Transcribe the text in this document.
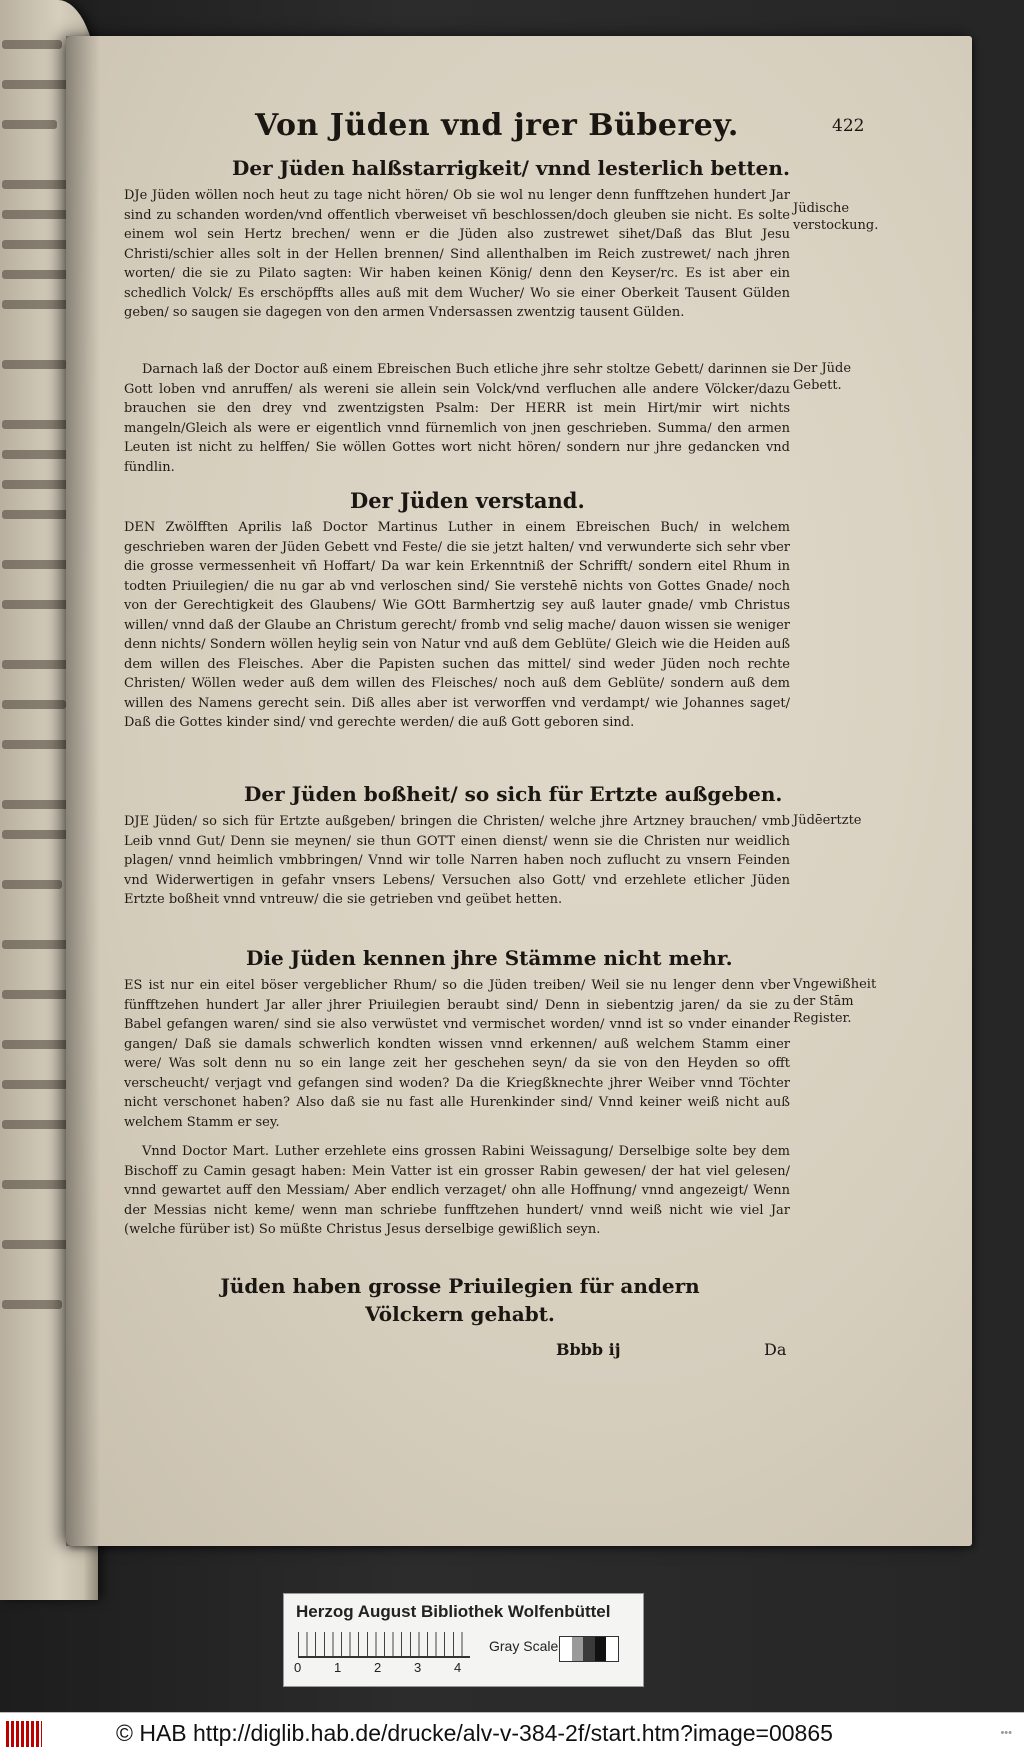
Von Jüden vnd jrer Büberey.	422
Der Jüden halßstarrigkeit/ vnnd lesterlich betten.
DJe Jüden wöllen noch heut zu tage nicht hören/ Ob sie wol nu lenger denn funfftzehen hundert Jar sind zu schanden worden/vnd offentlich vberweiset vñ beschlossen/doch gleuben sie nicht. Es solte einem wol sein Hertz brechen/ wenn er die Jüden also zustrewet sihet/Daß das Blut Jesu Christi/schier alles solt in der Hellen brennen/ Sind allenthalben im Reich zustrewet/ nach jhren worten/ die sie zu Pilato sagten: Wir haben keinen König/ denn den Keyser/rc. Es ist aber ein schedlich Volck/ Es erschöpffts alles auß mit dem Wucher/ Wo sie einer Oberkeit Tausent Gülden geben/ so saugen sie dagegen von den armen Vndersassen zwentzig tausent Gülden.
Darnach laß der Doctor auß einem Ebreischen Buch etliche jhre sehr stoltze Gebett/ darinnen sie Gott loben vnd anruffen/ als wereni sie allein sein Volck/vnd verfluchen alle andere Völcker/dazu brauchen sie den drey vnd zwentzigsten Psalm: Der HERR ist mein Hirt/mir wirt nichts mangeln/Gleich als were er eigentlich vnnd fürnemlich von jnen geschrieben. Summa/ den armen Leuten ist nicht zu helffen/ Sie wöllen Gottes wort nicht hören/ sondern nur jhre gedancken vnd fündlin.
Jüdische verstockung.
Der Jüde Gebett.
Der Jüden verstand.
DEN Zwölfften Aprilis laß Doctor Martinus Luther in einem Ebreischen Buch/ in welchem geschrieben waren der Jüden Gebett vnd Feste/ die sie jetzt halten/ vnd verwunderte sich sehr vber die grosse vermessenheit vñ Hoffart/ Da war kein Erkenntniß der Schrifft/ sondern eitel Rhum in todten Priuilegien/ die nu gar ab vnd verloschen sind/ Sie verstehē nichts von Gottes Gnade/ noch von der Gerechtigkeit des Glaubens/ Wie GOtt Barmhertzig sey auß lauter gnade/ vmb Christus willen/ vnnd daß der Glaube an Christum gerecht/ fromb vnd selig mache/ dauon wissen sie weniger denn nichts/ Sondern wöllen heylig sein von Natur vnd auß dem Geblüte/ Gleich wie die Heiden auß dem willen des Fleisches. Aber die Papisten suchen das mittel/ sind weder Jüden noch rechte Christen/ Wöllen weder auß dem willen des Fleisches/ noch auß dem Geblüte/ sondern auß dem willen des Namens gerecht sein. Diß alles aber ist verworffen vnd verdampt/ wie Johannes saget/ Daß die Gottes kinder sind/ vnd gerechte werden/ die auß Gott geboren sind.
Der Jüden boßheit/ so sich für Ertzte außgeben.
DJE Jüden/ so sich für Ertzte außgeben/ bringen die Christen/ welche jhre Artzney brauchen/ vmb Leib vnnd Gut/ Denn sie meynen/ sie thun GOTT einen dienst/ wenn sie die Christen nur weidlich plagen/ vnnd heimlich vmbbringen/ Vnnd wir tolle Narren haben noch zuflucht zu vnsern Feinden vnd Widerwertigen in gefahr vnsers Lebens/ Versuchen also Gott/ vnd erzehlete etlicher Jüden Ertzte boßheit vnnd vntreuw/ die sie getrieben vnd geübet hetten.
Jüdēertzte
Die Jüden kennen jhre Stämme nicht mehr.
ES ist nur ein eitel böser vergeblicher Rhum/ so die Jüden treiben/ Weil sie nu lenger denn vber fünfftzehen hundert Jar aller jhrer Priuilegien beraubt sind/ Denn in siebentzig jaren/ da sie zu Babel gefangen waren/ sind sie also verwüstet vnd vermischet worden/ vnnd ist so vnder einander gangen/ Daß sie damals schwerlich kondten wissen vnnd erkennen/ auß welchem Stamm einer were/ Was solt denn nu so ein lange zeit her geschehen seyn/ da sie von den Heyden so offt verscheucht/ verjagt vnd gefangen sind woden? Da die Kriegßknechte jhrer Weiber vnnd Töchter nicht verschonet haben? Also daß sie nu fast alle Hurenkinder sind/ Vnnd keiner weiß nicht auß welchem Stamm er sey.
Vnnd Doctor Mart. Luther erzehlete eins grossen Rabini Weissagung/ Derselbige solte bey dem Bischoff zu Camin gesagt haben: Mein Vatter ist ein grosser Rabin gewesen/ der hat viel gelesen/ vnnd gewartet auff den Messiam/ Aber endlich verzaget/ ohn alle Hoffnung/ vnnd angezeigt/ Wenn der Messias nicht keme/ wenn man schriebe funfftzehen hundert/ vnnd weiß nicht wie viel Jar (welche fürüber ist) So müßte Christus Jesus derselbige gewißlich seyn.
Vngewißheit der Stām Register.
Jüden haben grosse Priuilegien für andern Völckern gehabt.
Bbbb ij	Da
Herzog August Bibliothek Wolfenbüttel
0	1	2	3	4
Gray Scale
© HAB http://diglib.hab.de/drucke/alv-v-384-2f/start.htm?image=00865	•••
